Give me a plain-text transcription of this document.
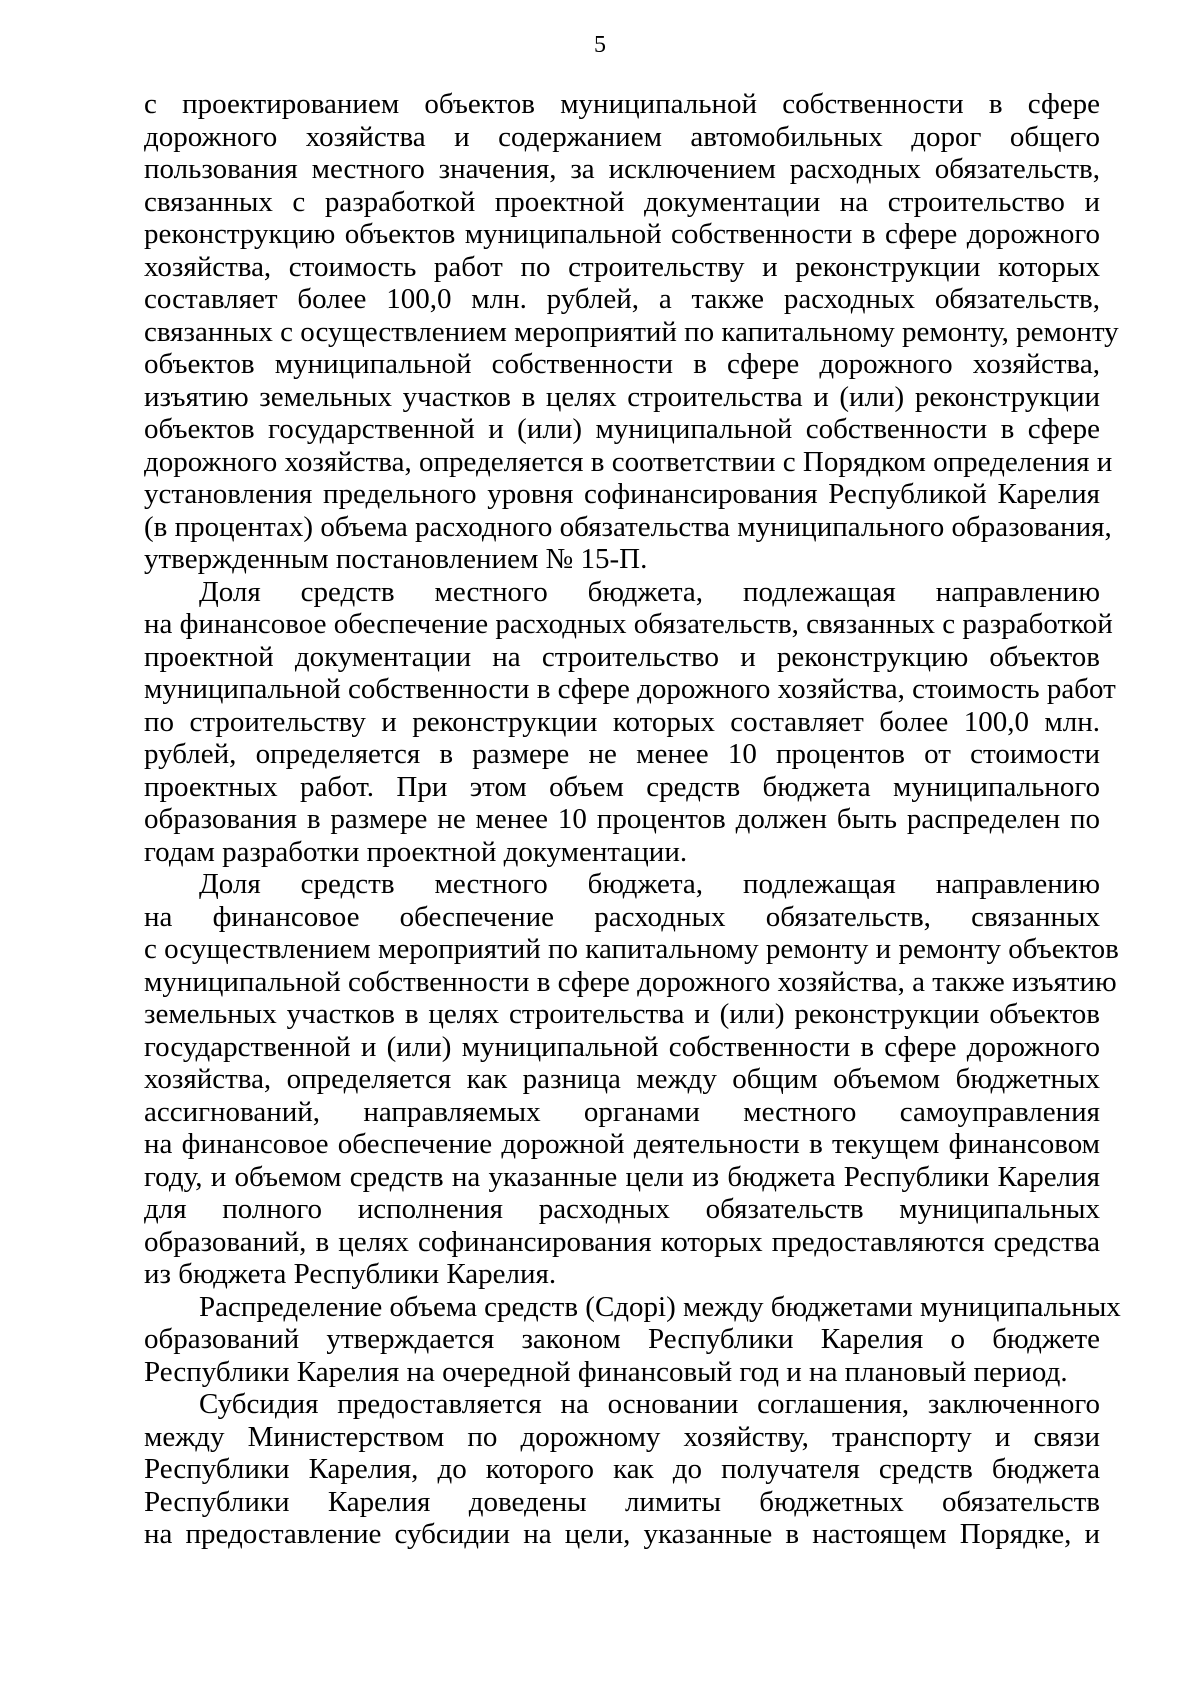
5
с проектированием объектов муниципальной собственности в сфере
дорожного хозяйства и содержанием автомобильных дорог общего
пользования местного значения, за исключением расходных обязательств,
связанных с разработкой проектной документации на строительство и
реконструкцию объектов муниципальной собственности в сфере дорожного
хозяйства, стоимость работ по строительству и реконструкции которых
составляет более 100,0 млн. рублей, а также расходных обязательств,
связанных с осуществлением мероприятий по капитальному ремонту, ремонту
объектов муниципальной собственности в сфере дорожного хозяйства,
изъятию земельных участков в целях строительства и (или) реконструкции
объектов государственной и (или) муниципальной собственности в сфере
дорожного хозяйства, определяется в соответствии с Порядком определения и
установления предельного уровня софинансирования Республикой Карелия
(в процентах) объема расходного обязательства муниципального образования,
утвержденным постановлением № 15-П.
Доля средств местного бюджета, подлежащая направлению
на финансовое обеспечение расходных обязательств, связанных с разработкой
проектной документации на строительство и реконструкцию объектов
муниципальной собственности в сфере дорожного хозяйства, стоимость работ
по строительству и реконструкции которых составляет более 100,0 млн.
рублей, определяется в размере не менее 10 процентов от стоимости
проектных работ. При этом объем средств бюджета муниципального
образования в размере не менее 10 процентов должен быть распределен по
годам разработки проектной документации.
Доля средств местного бюджета, подлежащая направлению
на финансовое обеспечение расходных обязательств, связанных
с осуществлением мероприятий по капитальному ремонту и ремонту объектов
муниципальной собственности в сфере дорожного хозяйства, а также изъятию
земельных участков в целях строительства и (или) реконструкции объектов
государственной и (или) муниципальной собственности в сфере дорожного
хозяйства, определяется как разница между общим объемом бюджетных
ассигнований, направляемых органами местного самоуправления
на финансовое обеспечение дорожной деятельности в текущем финансовом
году, и объемом средств на указанные цели из бюджета Республики Карелия
для полного исполнения расходных обязательств муниципальных
образований, в целях софинансирования которых предоставляются средства
из бюджета Республики Карелия.
Распределение объема средств (Сдорi) между бюджетами муниципальных
образований утверждается законом Республики Карелия о бюджете
Республики Карелия на очередной финансовый год и на плановый период.
Субсидия предоставляется на основании соглашения, заключенного
между Министерством по дорожному хозяйству, транспорту и связи
Республики Карелия, до которого как до получателя средств бюджета
Республики Карелия доведены лимиты бюджетных обязательств
на предоставление субсидии на цели, указанные в настоящем Порядке, и
